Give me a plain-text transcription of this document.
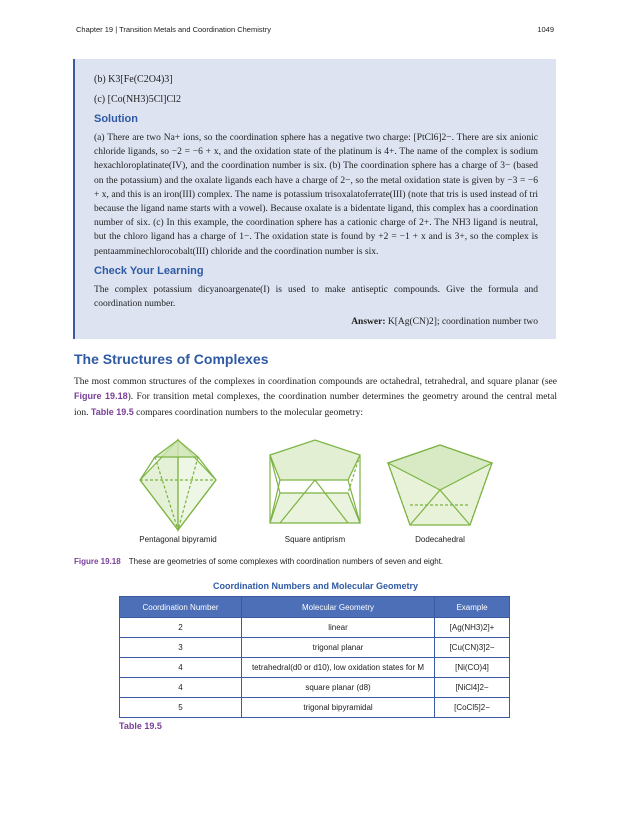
Chapter 19 | Transition Metals and Coordination Chemistry	1049
(b) K3[Fe(C2O4)3]
(c) [Co(NH3)5Cl]Cl2
Solution
(a) There are two Na+ ions, so the coordination sphere has a negative two charge: [PtCl6]2−. There are six anionic chloride ligands, so −2 = −6 + x, and the oxidation state of the platinum is 4+. The name of the complex is sodium hexachloroplatinate(IV), and the coordination number is six. (b) The coordination sphere has a charge of 3− (based on the potassium) and the oxalate ligands each have a charge of 2−, so the metal oxidation state is given by −3 = −6 + x, and this is an iron(III) complex. The name is potassium trisoxalatoferrate(III) (note that tris is used instead of tri because the ligand name starts with a vowel). Because oxalate is a bidentate ligand, this complex has a coordination number of six. (c) In this example, the coordination sphere has a cationic charge of 2+. The NH3 ligand is neutral, but the chloro ligand has a charge of 1−. The oxidation state is found by +2 = −1 + x and is 3+, so the complex is pentaamminechlorocobalt(III) chloride and the coordination number is six.
Check Your Learning
The complex potassium dicyanoargenate(I) is used to make antiseptic compounds. Give the formula and coordination number.
Answer: K[Ag(CN)2]; coordination number two
The Structures of Complexes
The most common structures of the complexes in coordination compounds are octahedral, tetrahedral, and square planar (see Figure 19.18). For transition metal complexes, the coordination number determines the geometry around the central metal ion. Table 19.5 compares coordination numbers to the molecular geometry:
Pentagonal bipyramid	Square antiprism	Dodecahedral
Figure 19.18 These are geometries of some complexes with coordination numbers of seven and eight.
Coordination Numbers and Molecular Geometry
Coordination Number	Molecular Geometry	Example
2	linear	[Ag(NH3)2]+
3	trigonal planar	[Cu(CN)3]2−
4	tetrahedral(d0 or d10), low oxidation states for M	[Ni(CO)4]
4	square planar (d8)	[NiCl4]2−
5	trigonal bipyramidal	[CoCl5]2−
Table 19.5
